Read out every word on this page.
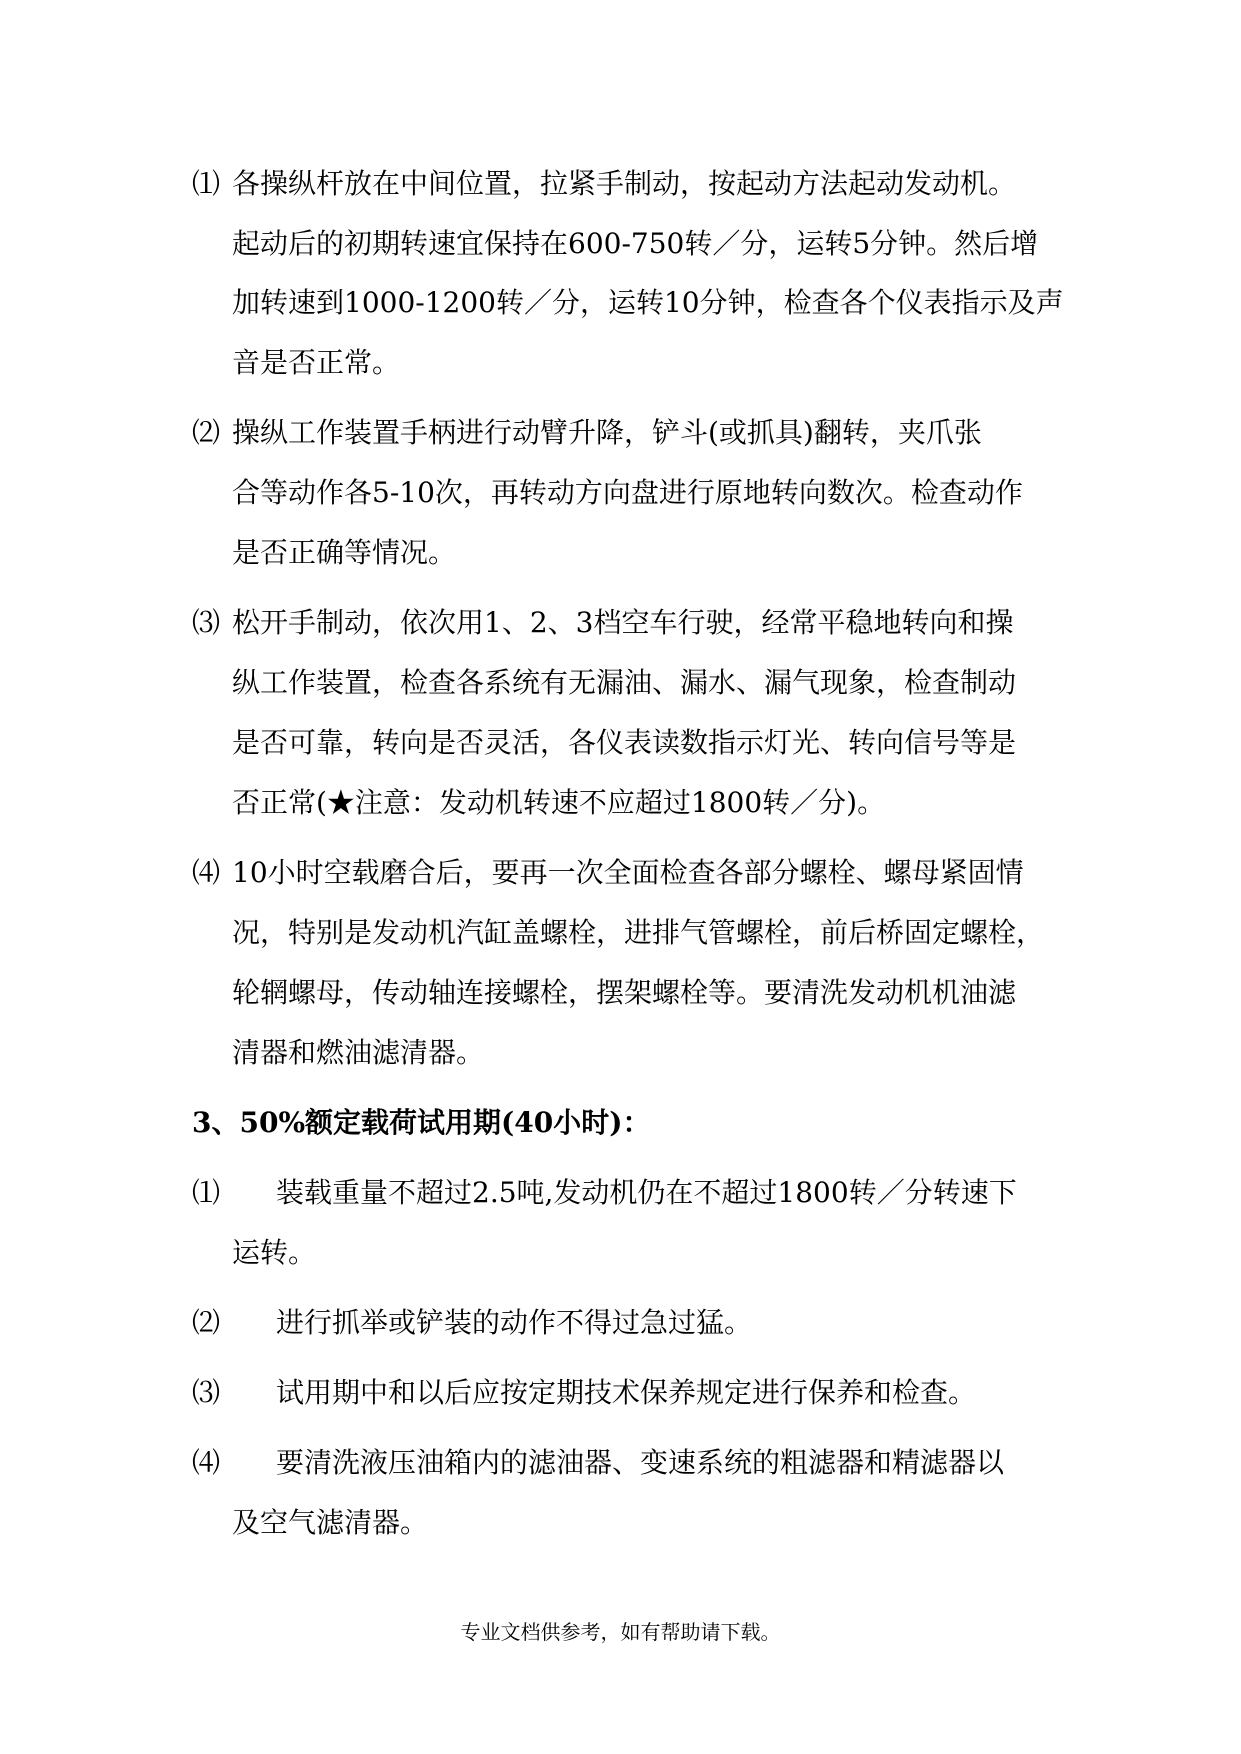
⑴ 各操纵杆放在中间位置，拉紧手制动，按起动方法起动发动机。
起动后的初期转速宜保持在600-750转／分，运转5分钟。然后增
加转速到1000-1200转／分，运转10分钟，检查各个仪表指示及声
音是否正常。
⑵ 操纵工作装置手柄进行动臂升降，铲斗(或抓具)翻转，夹爪张
合等动作各5-10次，再转动方向盘进行原地转向数次。检查动作
是否正确等情况。
⑶ 松开手制动，依次用1、2、3档空车行驶，经常平稳地转向和操
纵工作装置，检查各系统有无漏油、漏水、漏气现象，检查制动
是否可靠，转向是否灵活，各仪表读数指示灯光、转向信号等是
否正常(★注意：发动机转速不应超过1800转／分)。
⑷ 10小时空载磨合后，要再一次全面检查各部分螺栓、螺母紧固情
况，特别是发动机汽缸盖螺栓，进排气管螺栓，前后桥固定螺栓，
轮辋螺母，传动轴连接螺栓，摆架螺栓等。要清洗发动机机油滤
清器和燃油滤清器。
3、50%额定载荷试用期(40小时)：
⑴ 装载重量不超过2.5吨,发动机仍在不超过1800转／分转速下
运转。
⑵ 进行抓举或铲装的动作不得过急过猛。
⑶ 试用期中和以后应按定期技术保养规定进行保养和检查。
⑷ 要清洗液压油箱内的滤油器、变速系统的粗滤器和精滤器以
及空气滤清器。
专业文档供参考，如有帮助请下载。
